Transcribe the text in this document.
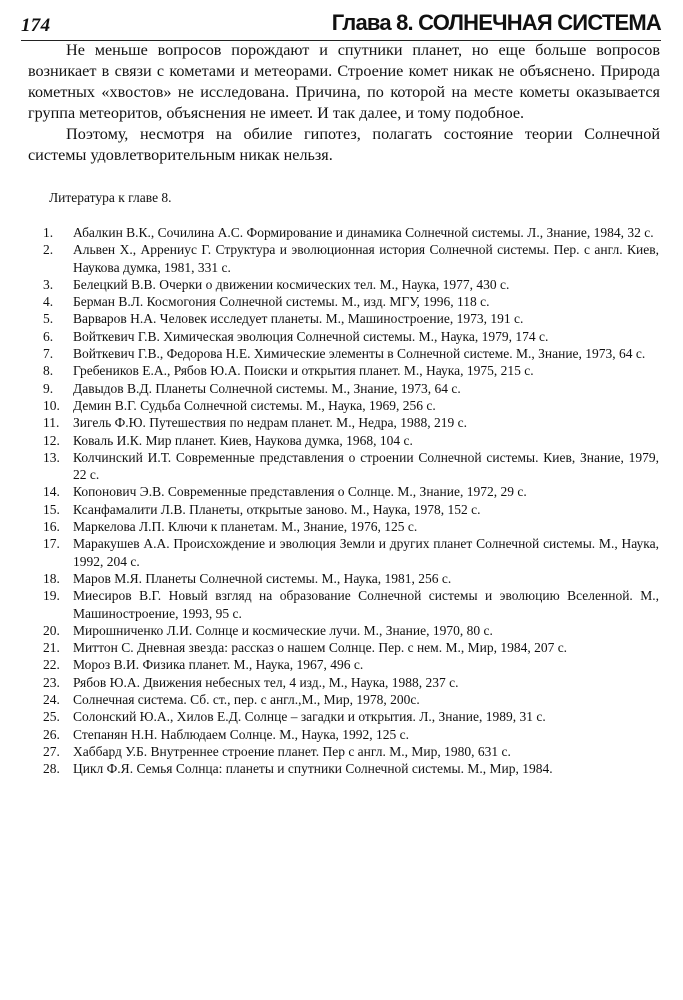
174	Глава 8. СОЛНЕЧНАЯ СИСТЕМА

Не меньше вопросов порождают и спутники планет, но еще больше вопросов возникает в связи с кометами и метеорами. Строение комет никак не объяснено. Природа кометных «хвостов» не исследована. Причина, по которой на месте кометы оказывается группа метеоритов, объяснения не имеет. И так далее, и тому подобное.

Поэтому, несмотря на обилие гипотез, полагать состояние теории Солнечной системы удовлетворительным никак нельзя.

Литература к главе 8.
1.	Абалкин В.К., Сочилина А.С. Формирование и динамика Солнечной системы. Л., Знание, 1984, 32 с.
2.	Альвен Х., Аррениус Г. Структура и эволюционная история Солнечной системы. Пер. с англ. Киев, Наукова думка, 1981, 331 с.
3.	Белецкий В.В. Очерки о движении космических тел. М., Наука, 1977, 430 с.
4.	Берман В.Л. Космогония Солнечной системы. М., изд. МГУ, 1996, 118 с.
5.	Варваров Н.А. Человек исследует планеты. М., Машиностроение, 1973, 191 с.
6.	Войткевич Г.В. Химическая эволюция Солнечной системы. М., Наука, 1979, 174 с.
7.	Войткевич Г.В., Федорова Н.Е. Химические элементы в Солнечной системе. М., Знание, 1973, 64 с.
8.	Гребеников Е.А., Рябов Ю.А. Поиски и открытия планет. М., Наука, 1975, 215 с.
9.	Давыдов В.Д. Планеты Солнечной системы. М., Знание, 1973, 64 с.
10. Демин В.Г. Судьба Солнечной системы. М., Наука, 1969, 256 с.
11.	Зигель Ф.Ю. Путешествия по недрам планет. М., Недра, 1988, 219 с.
12. Коваль И.К. Мир планет. Киев, Наукова думка, 1968, 104 с.
13. Колчинский И.Т. Современные представления о строении Солнечной системы. Киев, Знание, 1979, 22 с.
14. Копонович Э.В. Современные представления о Солнце. М., Знание, 1972, 29 с.
15. Ксанфамалити Л.В. Планеты, открытые заново. М., Наука, 1978, 152 с.
16. Маркелова Л.П. Ключи к планетам. М., Знание, 1976, 125 с.
17. Маракушев А.А. Происхождение и эволюция Земли и других планет Солнечной системы. М., Наука, 1992, 204 с.
18. Маров М.Я. Планеты Солнечной системы. М., Наука, 1981, 256 с.
19. Миесиров В.Г. Новый взгляд на образование Солнечной системы и эволюцию Вселенной. М., Машиностроение, 1993, 95 с.
20. Мирошниченко Л.И. Солнце и космические лучи. М., Знание, 1970, 80 с.
21. Миттон С. Дневная звезда: рассказ о нашем Солнце. Пер. с нем. М., Мир, 1984, 207 с.
22. Мороз В.И. Физика планет. М., Наука, 1967, 496 с.
23. Рябов Ю.А. Движения небесных тел, 4 изд., М., Наука, 1988, 237 с.
24. Солнечная система. Сб. ст., пер. с англ.,М., Мир, 1978, 200с.
25. Солонский Ю.А., Хилов Е.Д. Солнце – загадки и открытия. Л., Знание, 1989, 31 с.
26. Степанян Н.Н. Наблюдаем Солнце. М., Наука, 1992, 125 с.
27. Хаббард У.Б. Внутреннее строение планет. Пер с англ. М., Мир, 1980, 631 с.
28. Цикл Ф.Я. Семья Солнца: планеты и спутники Солнечной системы. М., Мир, 1984.
